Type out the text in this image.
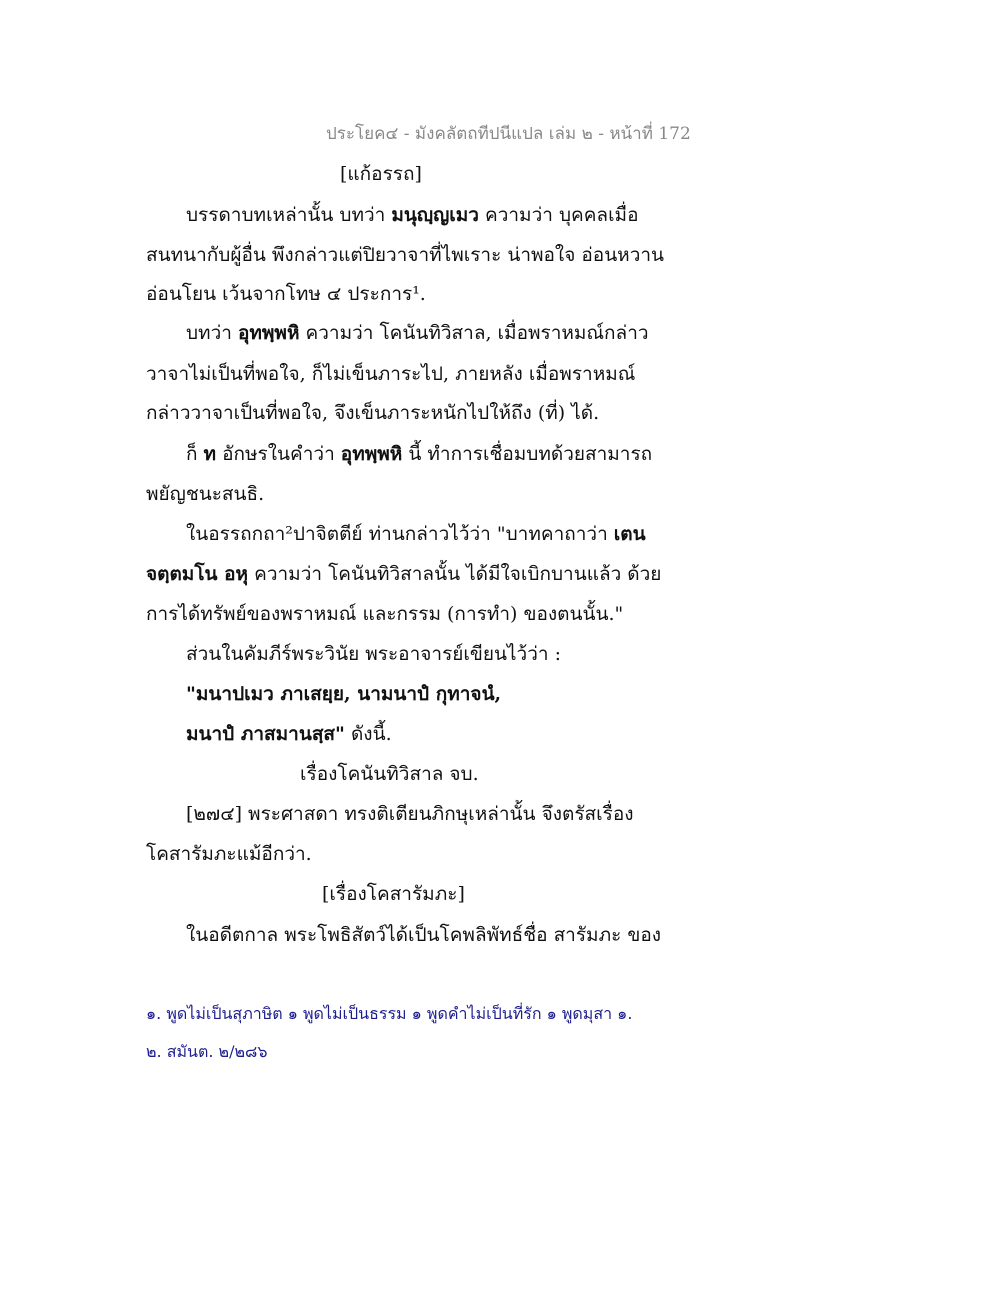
ประโยค๔ - มังคลัตถทีปนีแปล เล่ม ๒ - หน้าที่ 172
[แก้อรรถ]
บรรดาบทเหล่านั้น บทว่า มนุญฺญเมว ความว่า บุคคลเมื่อ
สนทนากับผู้อื่น พึงกล่าวแต่ปิยวาจาที่ไพเราะ น่าพอใจ อ่อนหวาน
อ่อนโยน เว้นจากโทษ ๔ ประการ¹.
บทว่า อุทพฺพหิ ความว่า โคนันทิวิสาล, เมื่อพราหมณ์กล่าว
วาจาไม่เป็นที่พอใจ, ก็ไม่เข็นภาระไป, ภายหลัง เมื่อพราหมณ์
กล่าววาจาเป็นที่พอใจ, จึงเข็นภาระหนักไปให้ถึง (ที่) ได้.
ก็ ท อักษรในคำว่า อุทพฺพหิ นี้ ทำการเชื่อมบทด้วยสามารถ
พยัญชนะสนธิ.
ในอรรถกถา²ปาจิตตีย์ ท่านกล่าวไว้ว่า "บาทคาถาว่า เตน
จตฺตมโน อหุ ความว่า โคนันทิวิสาลนั้น ได้มีใจเบิกบานแล้ว ด้วย
การได้ทรัพย์ของพราหมณ์ และกรรม (การทำ) ของตนนั้น."
ส่วนในคัมภีร์พระวินัย พระอาจารย์เขียนไว้ว่า :
"มนาปเมว ภาเสยฺย, นามนาปํ กุทาจนํ,
มนาปํ ภาสมานสฺส" ดังนี้.
เรื่องโคนันทิวิสาล จบ.
[๒๗๔] พระศาสดา ทรงติเตียนภิกษุเหล่านั้น จึงตรัสเรื่อง
โคสารัมภะแม้อีกว่า.
[เรื่องโคสารัมภะ]
ในอดีตกาล พระโพธิสัตว์ได้เป็นโคพลิพัทธ์ชื่อ สารัมภะ ของ
๑. พูดไม่เป็นสุภาษิต ๑ พูดไม่เป็นธรรม ๑ พูดคำไม่เป็นที่รัก ๑ พูดมุสา ๑.
๒. สมันต. ๒/๒๘๖
